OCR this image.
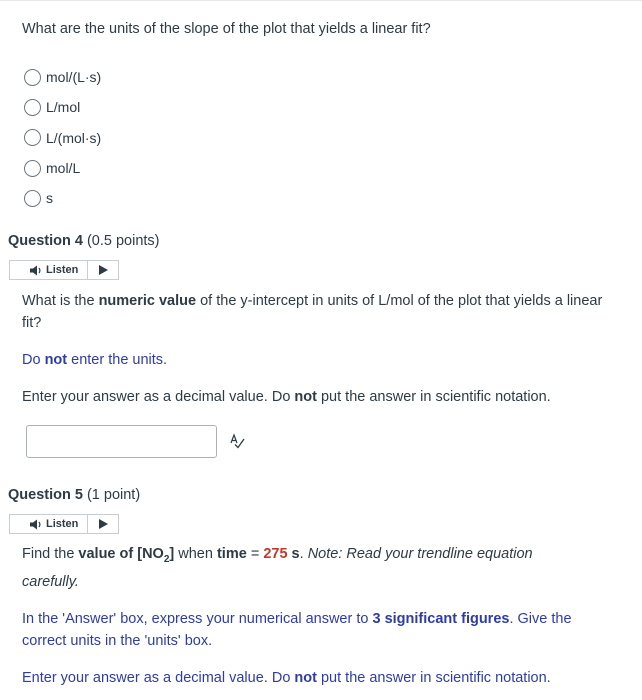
What are the units of the slope of the plot that yields a linear fit?
mol/(L·s)
L/mol
L/(mol·s)
mol/L
s
Question 4 (0.5 points)
Listen
What is the numeric value of the y-intercept in units of L/mol of the plot that yields a linear fit?
Do not enter the units.
Enter your answer as a decimal value. Do not put the answer in scientific notation.
Question 5 (1 point)
Listen
Find the value of $[NO_2]$ when time = 275 s. Note: Read your trendline equation carefully.
In the 'Answer' box, express your numerical answer to 3 significant figures. Give the correct units in the 'units' box.
Enter your answer as a decimal value. Do not put the answer in scientific notation.
